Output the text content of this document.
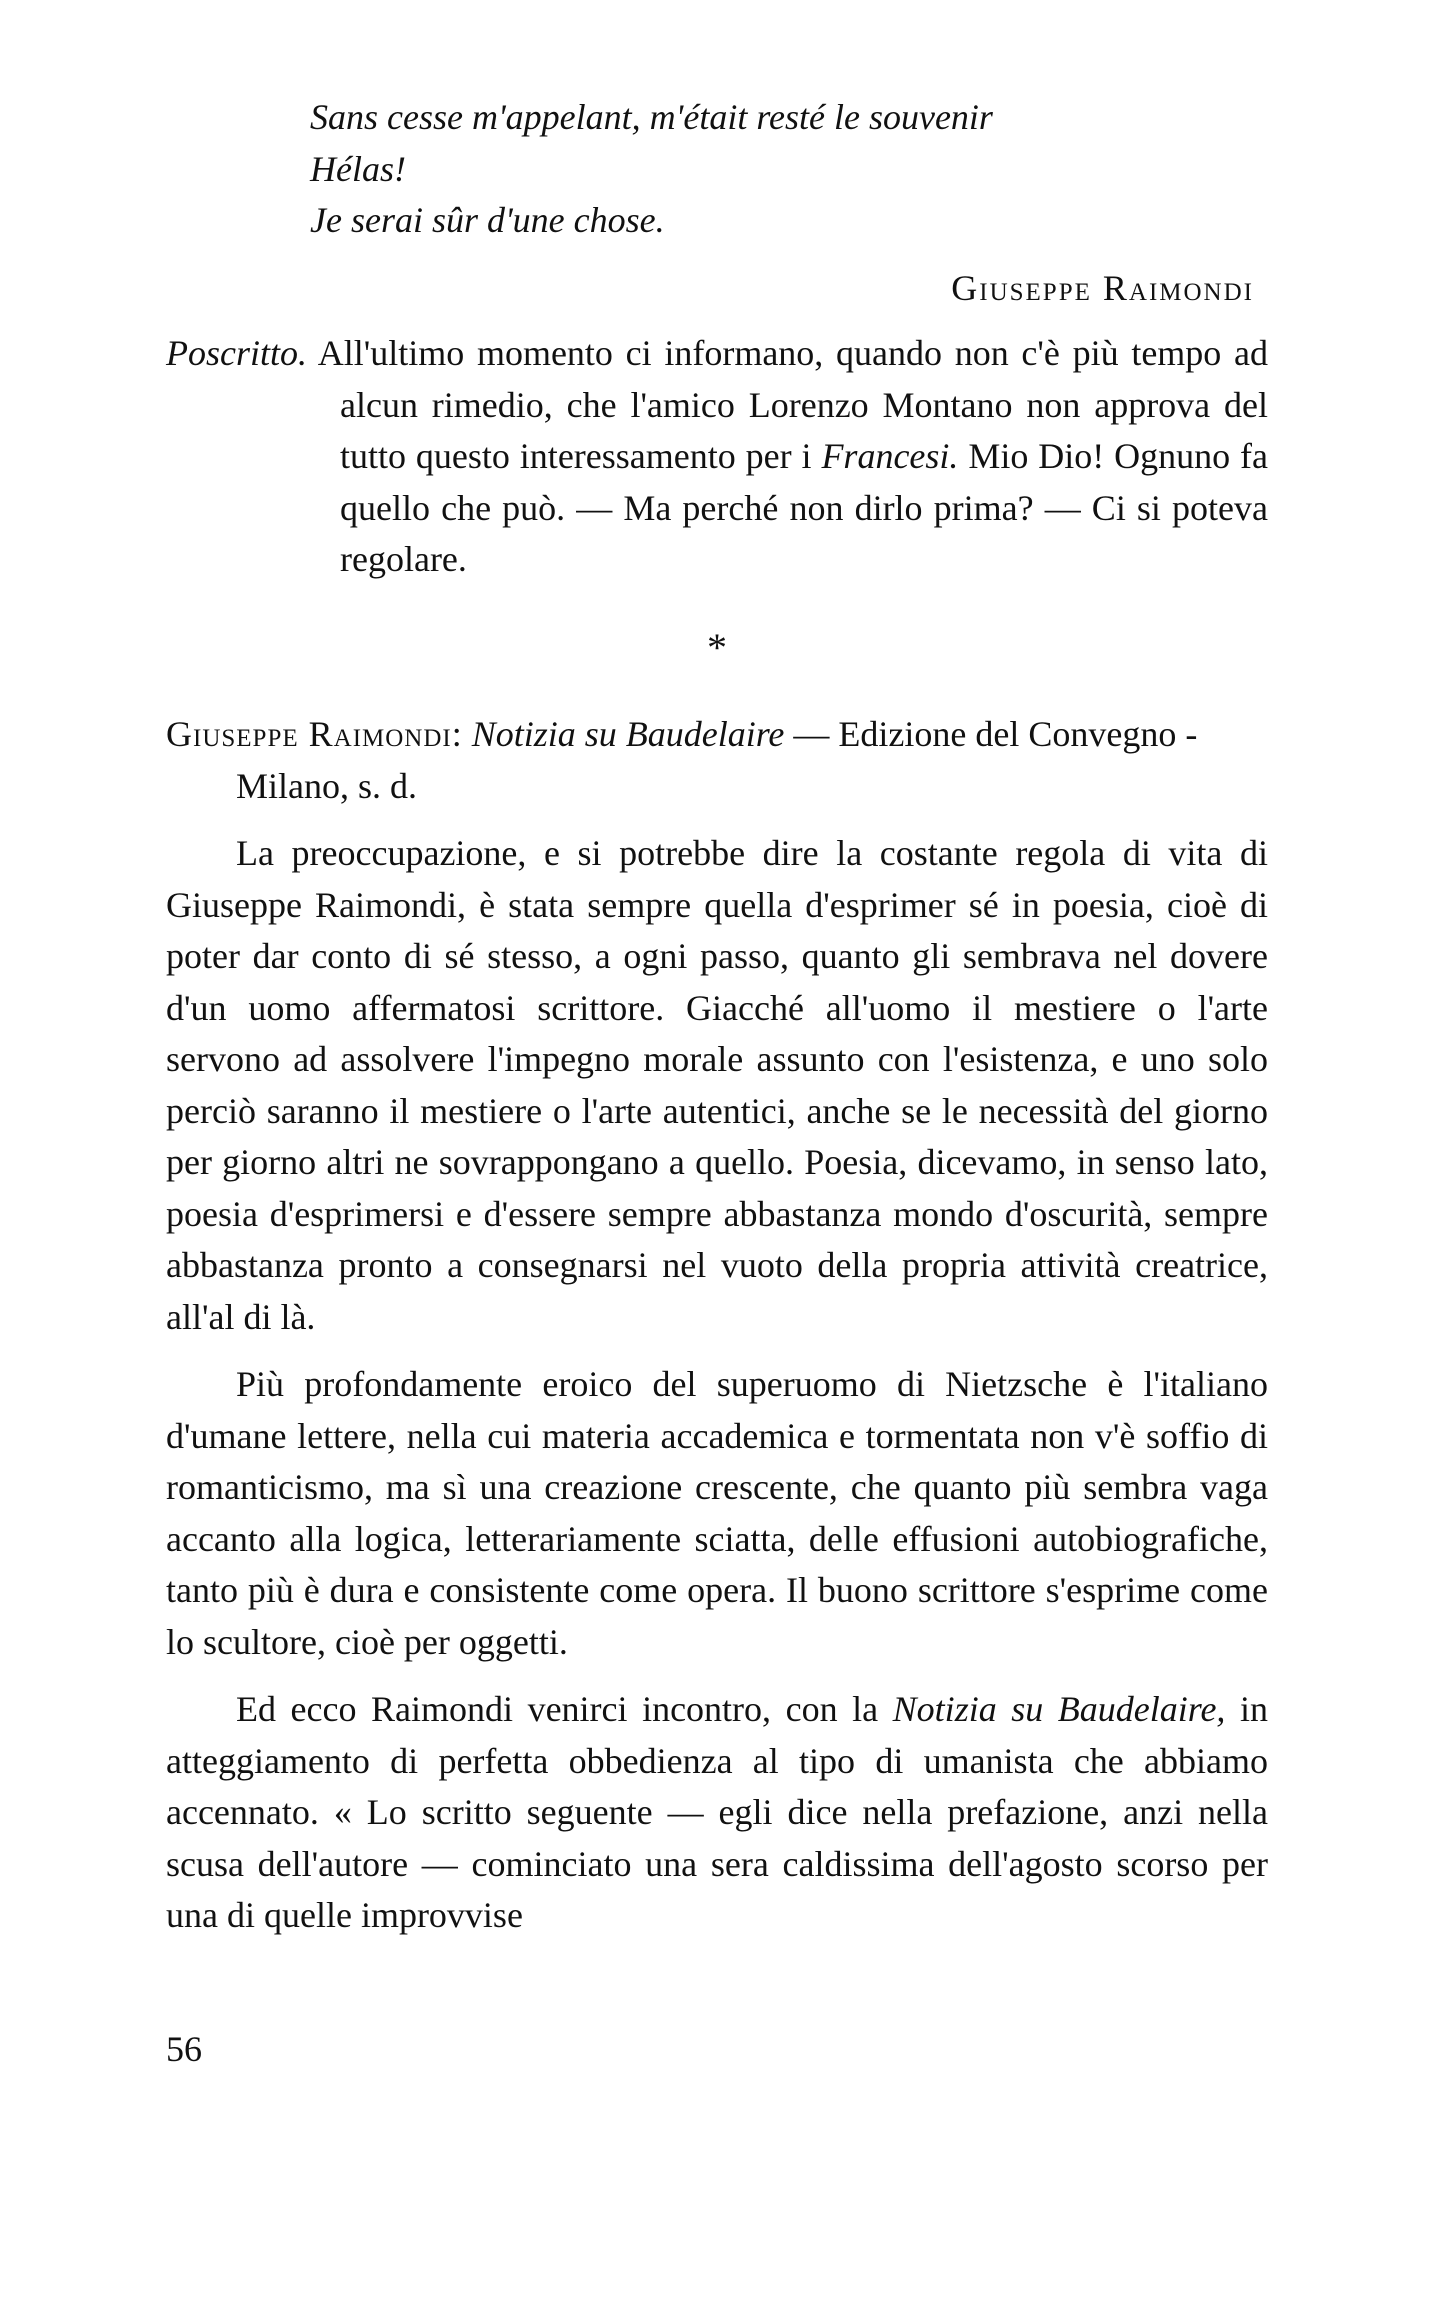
Sans cesse m'appelant, m'était resté le souvenir
Hélas!
Je serai sûr d'une chose.
Giuseppe Raimondi

Poscritto. All'ultimo momento ci informano, quando non c'è più tempo ad alcun rimedio, che l'amico Lorenzo Montano non approva del tutto questo interessamento per i Francesi. Mio Dio! Ognuno fa quello che può. — Ma perché non dirlo prima? — Ci si poteva regolare.

*

Giuseppe Raimondi: Notizia su Baudelaire — Edizione del Convegno - Milano, s. d.

La preoccupazione, e si potrebbe dire la costante regola di vita di Giuseppe Raimondi, è stata sempre quella d'esprimer sé in poesia, cioè di poter dar conto di sé stesso, a ogni passo, quanto gli sembrava nel dovere d'un uomo affermatosi scrittore. Giacché all'uomo il mestiere o l'arte servono ad assolvere l'impegno morale assunto con l'esistenza, e uno solo perciò saranno il mestiere o l'arte autentici, anche se le necessità del giorno per giorno altri ne sovrappongano a quello. Poesia, dicevamo, in senso lato, poesia d'esprimersi e d'essere sempre abbastanza mondo d'oscurità, sempre abbastanza pronto a consegnarsi nel vuoto della propria attività creatrice, all'al di là.

Più profondamente eroico del superuomo di Nietzsche è l'italiano d'umane lettere, nella cui materia accademica e tormentata non v'è soffio di romanticismo, ma sì una creazione crescente, che quanto più sembra vaga accanto alla logica, letterariamente sciatta, delle effusioni autobiografiche, tanto più è dura e consistente come opera. Il buono scrittore s'esprime come lo scultore, cioè per oggetti.

Ed ecco Raimondi venirci incontro, con la Notizia su Baudelaire, in atteggiamento di perfetta obbedienza al tipo di umanista che abbiamo accennato. « Lo scritto seguente — egli dice nella prefazione, anzi nella scusa dell'autore — cominciato una sera caldissima dell'agosto scorso per una di quelle improvvise

56
